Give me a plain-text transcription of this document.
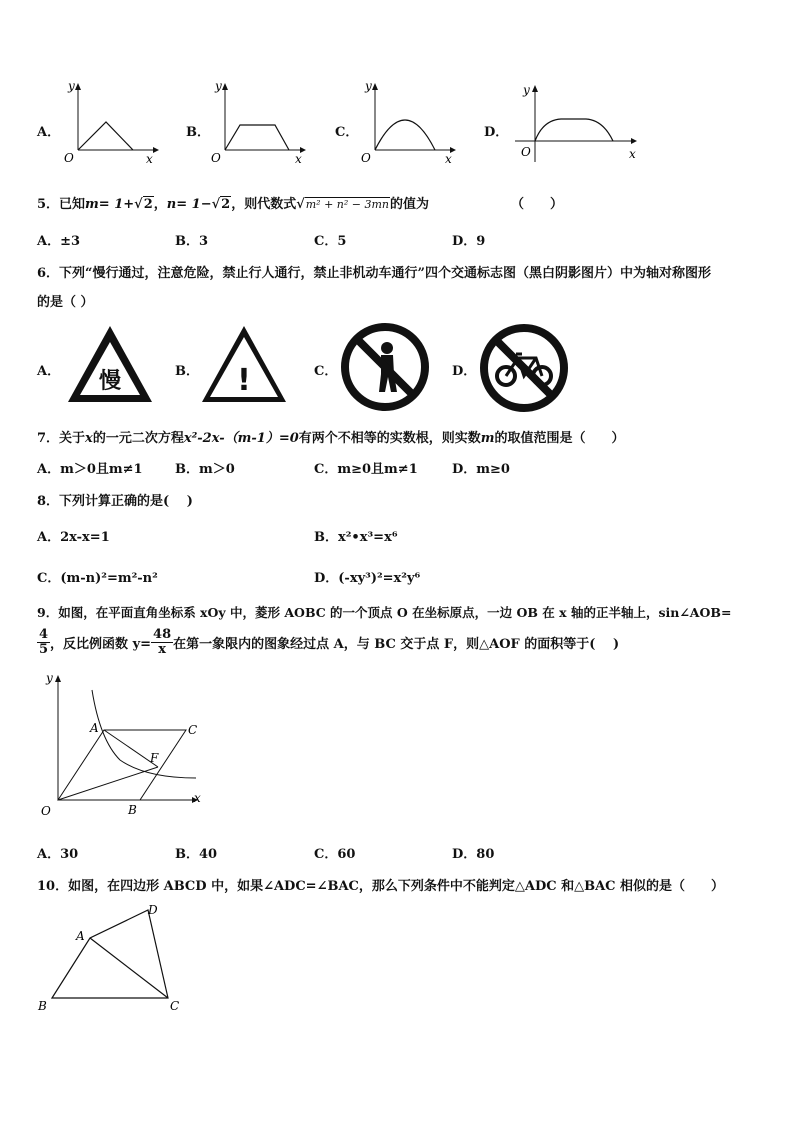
A．
y
x
O
B．
y
x
O
C．
y
x
O
D．
y
x
O
5．已知m= 1+√2，n= 1−√2，则代数式√m² + n² − 3mn的值为	（　　）
A．±3	B．3	C．5	D．9
6．下列“慢行通过，注意危险，禁止行人通行，禁止非机动车通行”四个交通标志图（黑白阴影图片）中为轴对称图形
的是（ ）
A． 慢	B． !	C．	D．
7．关于x的一元二次方程x²-2x-（m-1）=0有两个不相等的实数根，则实数m的取值范围是（　　）
A．m＞0且m≠1 B．m＞0	C．m≥0且m≠1	D．m≥0
8．下列计算正确的是(　 )
A．2x-x=1	B．x²•x³=x⁶
C．(m-n)²=m²-n²	D．(-xy³)²=x²y⁶
9．如图，在平面直角坐标系 xOy 中，菱形 AOBC 的一个顶点 O 在坐标原点，一边 OB 在 x 轴的正半轴上，sin∠AOB=
$\frac{4}{5}$ ，反比例函数 $y= \frac{48}{x}$ 在第一象限内的图象经过点 A，与 BC 交于点 F，则△AOF 的面积等于(　 )
y
x
O
A
B
C
F
A．30	B．40	C．60	D．80
10．如图，在四边形 ABCD 中，如果∠ADC=∠BAC，那么下列条件中不能判定△ADC 和△BAC 相似的是（　　）
A
B	C
D
